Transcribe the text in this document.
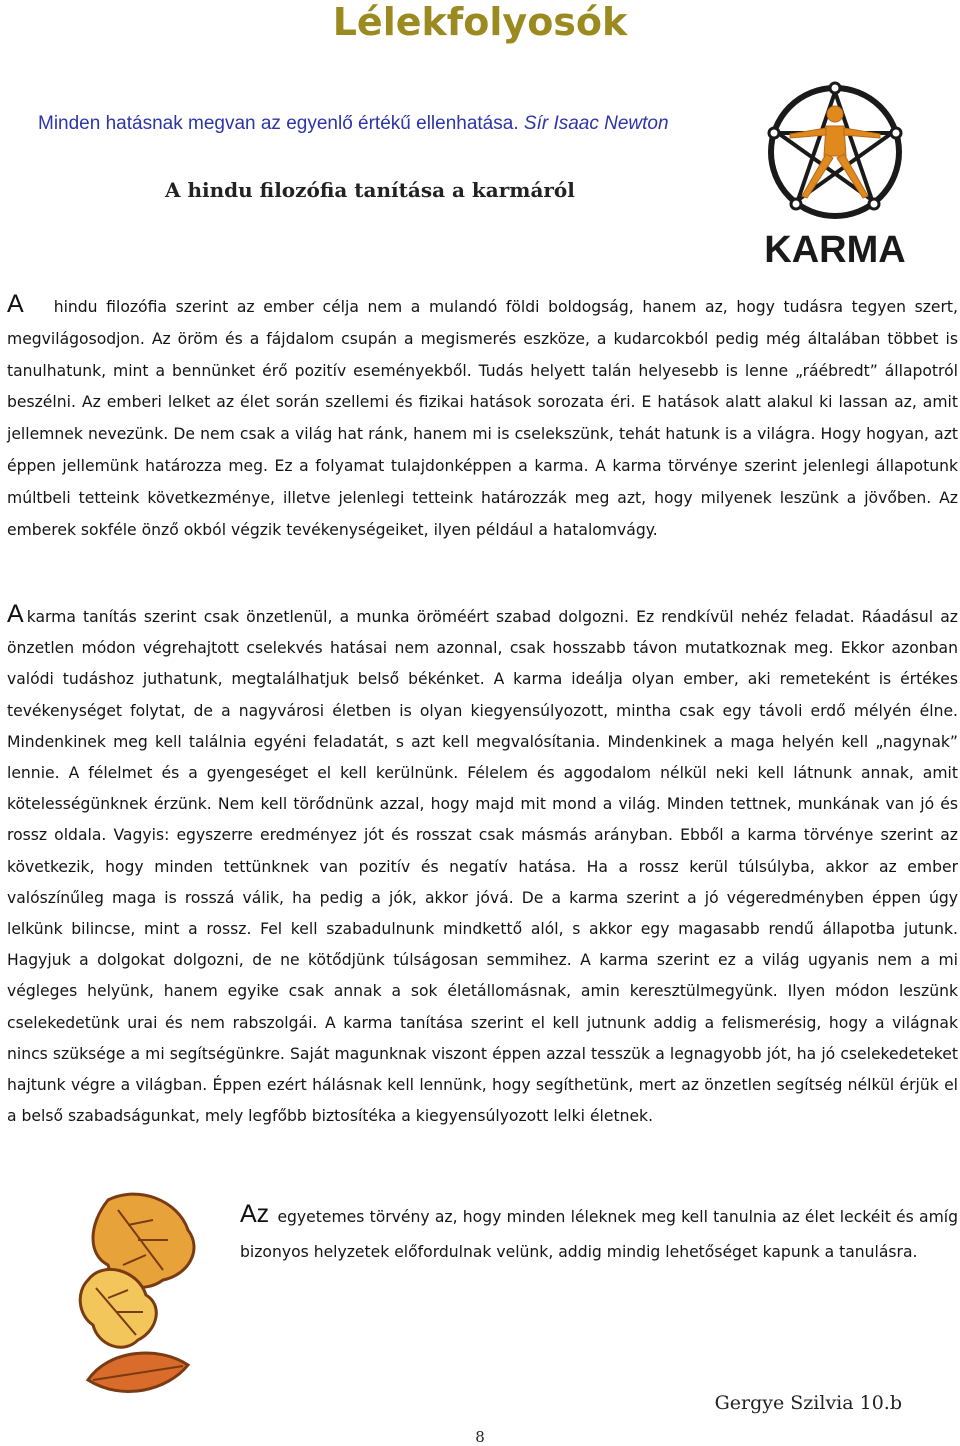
Lélekfolyosók
Minden hatásnak megvan az egyenlő értékű ellenhatása. Sír Isaac Newton
A hindu filozófia tanítása a karmáról
KARMA
A hindu filozófia szerint az ember célja nem a mulandó földi boldogság, hanem az, hogy tudásra tegyen szert, megvilágosodjon. Az öröm és a fájdalom csupán a megismerés eszköze, a kudarcokból pedig még általában többet is tanulhatunk, mint a bennünket érő pozitív eseményekből. Tudás helyett talán helyesebb is lenne „ráébredt” állapotról beszélni. Az emberi lelket az élet során szellemi és fizikai hatások sorozata éri. E hatások alatt alakul ki lassan az, amit jellemnek nevezünk. De nem csak a világ hat ránk, hanem mi is cselekszünk, tehát hatunk is a világra. Hogy hogyan, azt éppen jellemünk határozza meg. Ez a folyamat tulajdonképpen a karma. A karma törvénye szerint jelenlegi állapotunk múltbeli tetteink következménye, illetve jelenlegi tetteink határozzák meg azt, hogy milyenek leszünk a jövőben. Az emberek sokféle önző okból végzik tevékenységeiket, ilyen például a hatalomvágy.
Akarma tanítás szerint csak önzetlenül, a munka öröméért szabad dolgozni. Ez rendkívül nehéz feladat. Ráadásul az önzetlen módon végrehajtott cselekvés hatásai nem azonnal, csak hosszabb távon mutatkoznak meg. Ekkor azonban valódi tudáshoz juthatunk, megtalálhatjuk belső békénket. A karma ideálja olyan ember, aki remeteként is értékes tevékenységet folytat, de a nagyvárosi életben is olyan kiegyensúlyozott, mintha csak egy távoli erdő mélyén élne. Mindenkinek meg kell találnia egyéni feladatát, s azt kell megvalósítania. Mindenkinek a maga helyén kell „nagynak” lennie. A félelmet és a gyengeséget el kell kerülnünk. Félelem és aggodalom nélkül neki kell látnunk annak, amit kötelességünknek érzünk. Nem kell törődnünk azzal, hogy majd mit mond a világ. Minden tettnek, munkának van jó és rossz oldala. Vagyis: egyszerre eredményez jót és rosszat csak másmás arányban. Ebből a karma törvénye szerint az következik, hogy minden tettünknek van pozitív és negatív hatása. Ha a rossz kerül túlsúlyba, akkor az ember valószínűleg maga is rosszá válik, ha pedig a jók, akkor jóvá. De a karma szerint a jó végeredményben éppen úgy lelkünk bilincse, mint a rossz. Fel kell szabadulnunk mindkettő alól, s akkor egy magasabb rendű állapotba jutunk. Hagyjuk a dolgokat dolgozni, de ne kötődjünk túlságosan semmihez. A karma szerint ez a világ ugyanis nem a mi végleges helyünk, hanem egyike csak annak a sok életállomásnak, amin keresztülmegyünk. Ilyen módon leszünk cselekedetünk urai és nem rabszolgái. A karma tanítása szerint el kell jutnunk addig a felismerésig, hogy a világnak nincs szüksége a mi segítségünkre. Saját magunknak viszont éppen azzal tesszük a legnagyobb jót, ha jó cselekedeteket hajtunk végre a világban. Éppen ezért hálásnak kell lennünk, hogy segíthetünk, mert az önzetlen segítség nélkül érjük el a belső szabadságunkat, mely legfőbb biztosítéka a kiegyensúlyozott lelki életnek.
Az egyetemes törvény az, hogy minden léleknek meg kell tanulnia az élet leckéit és amíg bizonyos helyzetek előfordulnak velünk, addig mindig lehetőséget kapunk a tanulásra.
Gergye Szilvia 10.b
8
